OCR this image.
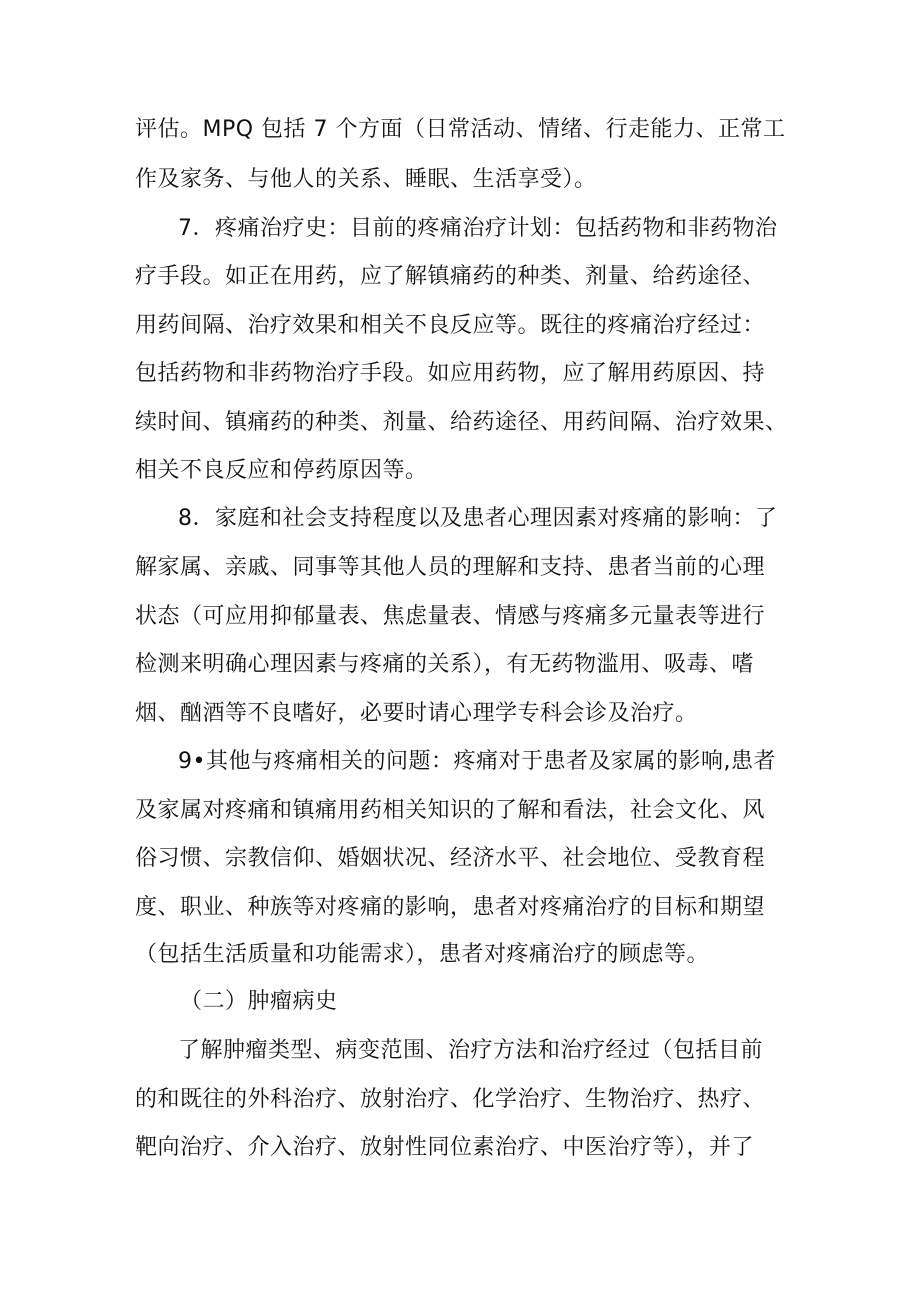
评估。MPQ 包括 7 个方面（日常活动、情绪、行走能力、正常工
作及家务、与他人的关系、睡眠、生活享受）。
7．疼痛治疗史：目前的疼痛治疗计划：包括药物和非药物治
疗手段。如正在用药，应了解镇痛药的种类、剂量、给药途径、
用药间隔、治疗效果和相关不良反应等。既往的疼痛治疗经过：
包括药物和非药物治疗手段。如应用药物，应了解用药原因、持
续时间、镇痛药的种类、剂量、给药途径、用药间隔、治疗效果、
相关不良反应和停药原因等。
8．家庭和社会支持程度以及患者心理因素对疼痛的影响：了
解家属、亲戚、同事等其他人员的理解和支持、患者当前的心理
状态（可应用抑郁量表、焦虑量表、情感与疼痛多元量表等进行
检测来明确心理因素与疼痛的关系），有无药物滥用、吸毒、嗜
烟、酗酒等不良嗜好，必要时请心理学专科会诊及治疗。
9•其他与疼痛相关的问题：疼痛对于患者及家属的影响,患者
及家属对疼痛和镇痛用药相关知识的了解和看法，社会文化、风
俗习惯、宗教信仰、婚姻状况、经济水平、社会地位、受教育程
度、职业、种族等对疼痛的影响，患者对疼痛治疗的目标和期望
（包括生活质量和功能需求），患者对疼痛治疗的顾虑等。
（二）肿瘤病史
了解肿瘤类型、病变范围、治疗方法和治疗经过（包括目前
的和既往的外科治疗、放射治疗、化学治疗、生物治疗、热疗、
靶向治疗、介入治疗、放射性同位素治疗、中医治疗等），并了
